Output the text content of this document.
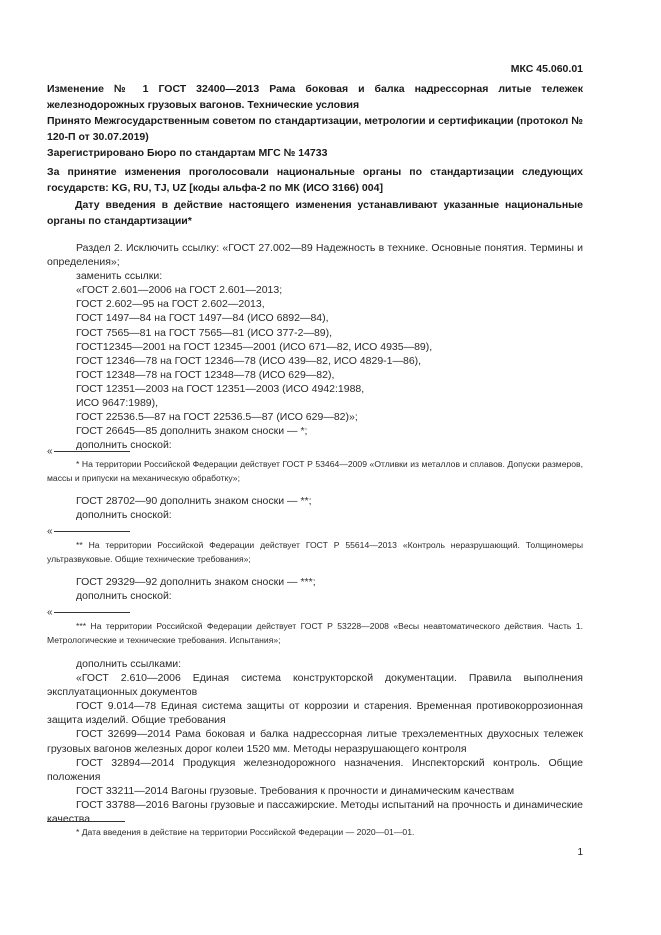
МКС 45.060.01
Изменение № 1 ГОСТ 32400—2013 Рама боковая и балка надрессорная литые тележек железнодорожных грузовых вагонов. Технические условия
Принято Межгосударственным советом по стандартизации, метрологии и сертификации (протокол № 120-П от 30.07.2019)
Зарегистрировано Бюро по стандартам МГС № 14733
За принятие изменения проголосовали национальные органы по стандартизации следующих государств: KG, RU, TJ, UZ [коды альфа-2 по МК (ИСО 3166) 004]
Дату введения в действие настоящего изменения устанавливают указанные национальные органы по стандартизации*
Раздел 2. Исключить ссылку: «ГОСТ 27.002—89 Надежность в технике. Основные понятия. Термины и определения»;
заменить ссылки:
«ГОСТ 2.601—2006 на ГОСТ 2.601—2013;
ГОСТ 2.602—95 на ГОСТ 2.602—2013,
ГОСТ 1497—84 на ГОСТ 1497—84 (ИСО 6892—84),
ГОСТ 7565—81 на ГОСТ 7565—81 (ИСО 377-2—89),
ГОСТ12345—2001 на ГОСТ 12345—2001 (ИСО 671—82, ИСО 4935—89),
ГОСТ 12346—78 на ГОСТ 12346—78 (ИСО 439—82, ИСО 4829-1—86),
ГОСТ 12348—78 на ГОСТ 12348—78 (ИСО 629—82),
ГОСТ 12351—2003 на ГОСТ 12351—2003 (ИСО 4942:1988,
ИСО 9647:1989),
ГОСТ 22536.5—87 на ГОСТ 22536.5—87 (ИСО 629—82)»;
ГОСТ 26645—85 дополнить знаком сноски — *;
дополнить сноской:
«
* На территории Российской Федерации действует ГОСТ Р 53464—2009 «Отливки из металлов и сплавов. Допуски размеров, массы и припуски на механическую обработку»;
ГОСТ 28702—90 дополнить знаком сноски — **;
дополнить сноской:
«
** На территории Российской Федерации действует ГОСТ Р 55614—2013 «Контроль неразрушающий. Толщиномеры ультразвуковые. Общие технические требования»;
ГОСТ 29329—92 дополнить знаком сноски — ***;
дополнить сноской:
«
*** На территории Российской Федерации действует ГОСТ Р 53228—2008 «Весы неавтоматического действия. Часть 1. Метрологические и технические требования. Испытания»;
дополнить ссылками:
«ГОСТ 2.610—2006 Единая система конструкторской документации. Правила выполнения эксплуатационных документов
ГОСТ 9.014—78 Единая система защиты от коррозии и старения. Временная противокоррозионная защита изделий. Общие требования
ГОСТ 32699—2014 Рама боковая и балка надрессорная литые трехэлементных двухосных тележек грузовых вагонов железных дорог колеи 1520 мм. Методы неразрушающего контроля
ГОСТ 32894—2014 Продукция железнодорожного назначения. Инспекторский контроль. Общие положения
ГОСТ 33211—2014 Вагоны грузовые. Требования к прочности и динамическим качествам
ГОСТ 33788—2016 Вагоны грузовые и пассажирские. Методы испытаний на прочность и динамические качества
* Дата введения в действие на территории Российской Федерации — 2020—01—01.
1
